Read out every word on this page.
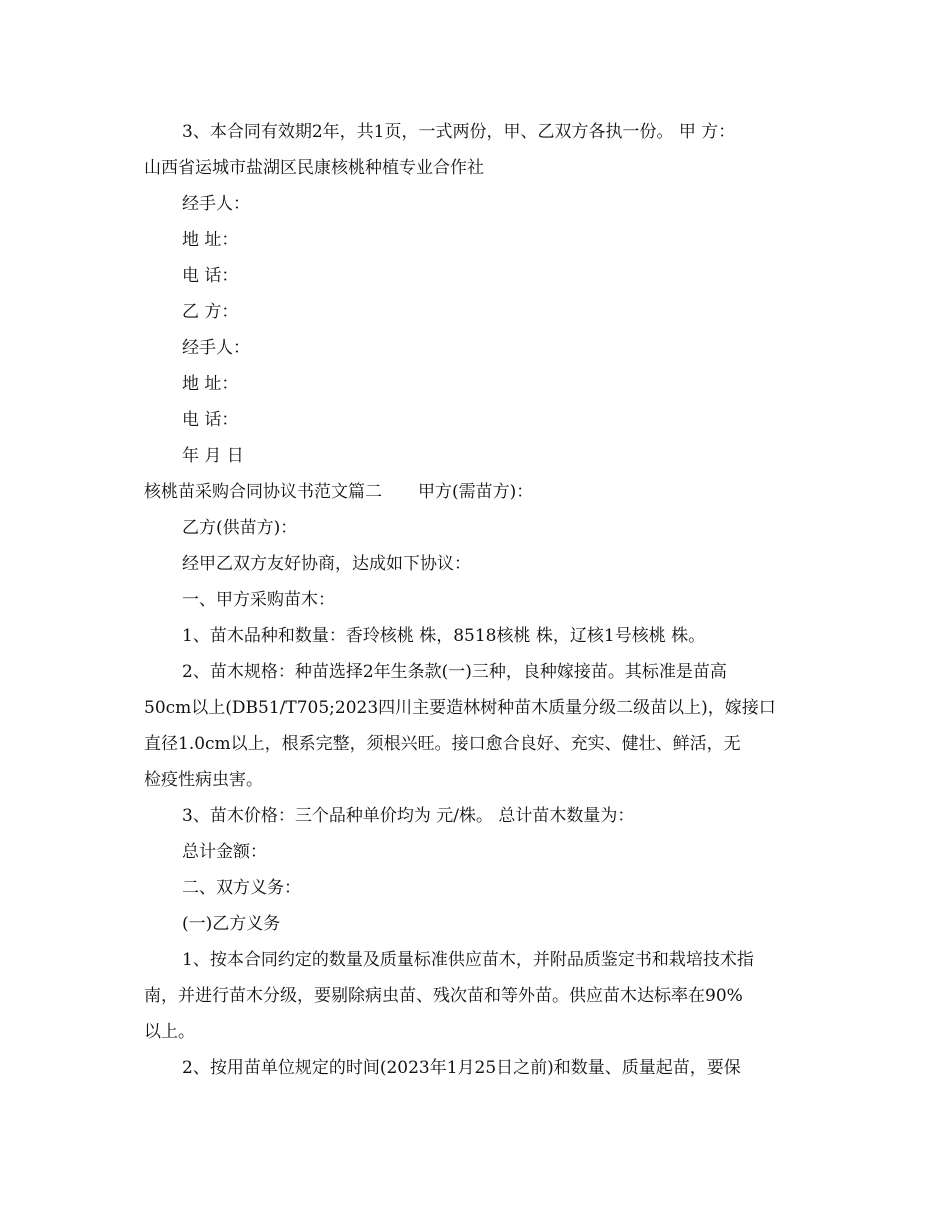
3、本合同有效期2年，共1页，一式两份，甲、乙双方各执一份。 甲 方：
山西省运城市盐湖区民康核桃种植专业合作社
经手人：
地 址：
电 话：
乙 方：
经手人：
地 址：
电 话：
年 月 日
核桃苗采购合同协议书范文篇二 甲方(需苗方)：
乙方(供苗方)：
经甲乙双方友好协商，达成如下协议：
一、甲方采购苗木：
1、苗木品种和数量：香玲核桃 株，8518核桃 株，辽核1号核桃 株。
2、苗木规格：种苗选择2年生条款(一)三种，良种嫁接苗。其标准是苗高
50cm以上(DB51/T705;2023四川主要造林树种苗木质量分级二级苗以上)，嫁接口
直径1.0cm以上，根系完整，须根兴旺。接口愈合良好、充实、健壮、鲜活，无
检疫性病虫害。
3、苗木价格：三个品种单价均为 元/株。 总计苗木数量为：
总计金额：
二、双方义务：
(一)乙方义务
1、按本合同约定的数量及质量标准供应苗木，并附品质鉴定书和栽培技术指
南，并进行苗木分级，要剔除病虫苗、残次苗和等外苗。供应苗木达标率在90%
以上。
2、按用苗单位规定的时间(2023年1月25日之前)和数量、质量起苗，要保
